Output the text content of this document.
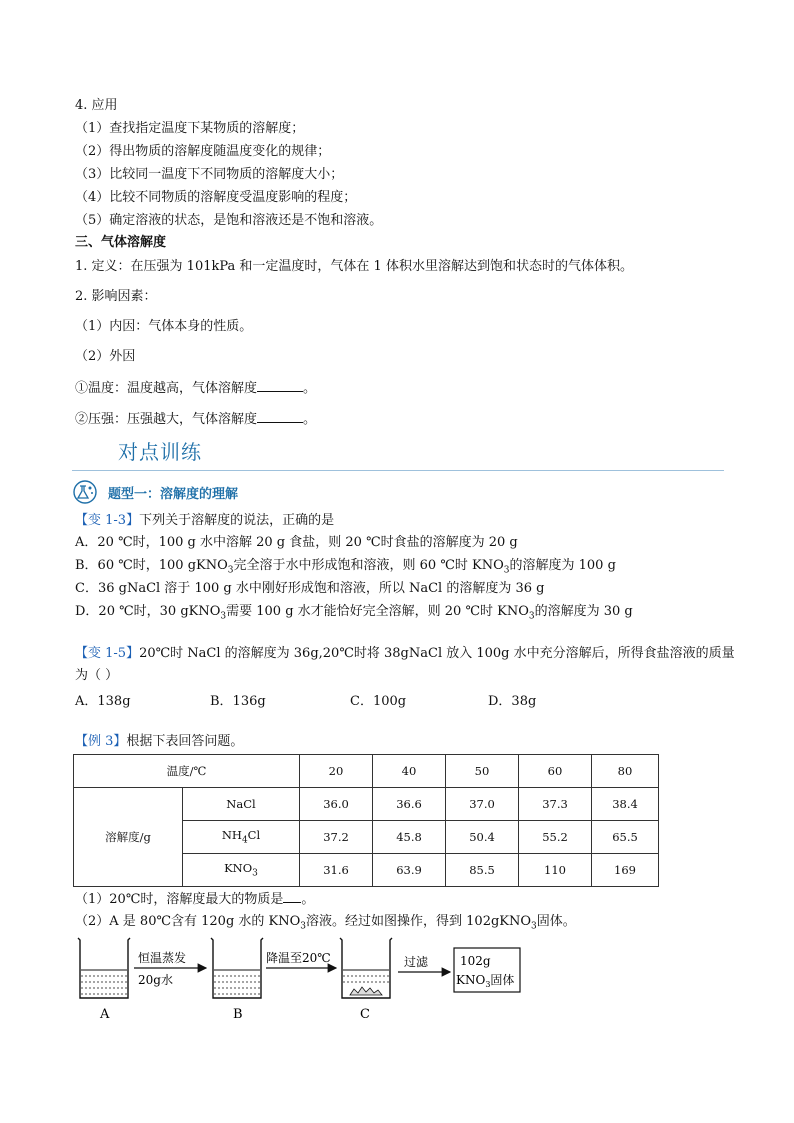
4. 应用
（1）查找指定温度下某物质的溶解度；
（2）得出物质的溶解度随温度变化的规律；
（3）比较同一温度下不同物质的溶解度大小；
（4）比较不同物质的溶解度受温度影响的程度；
（5）确定溶液的状态，是饱和溶液还是不饱和溶液。
三、气体溶解度
1. 定义：在压强为 101kPa 和一定温度时，气体在 1 体积水里溶解达到饱和状态时的气体体积。
2. 影响因素：
（1）内因：气体本身的性质。
（2）外因
①温度：温度越高，气体溶解度	。
②压强：压强越大，气体溶解度	。
对点训练
题型一：溶解度的理解
【变 1-3】下列关于溶解度的说法，正确的是
A．20 ℃时，100 g 水中溶解 20 g 食盐，则 20 ℃时食盐的溶解度为 20 g
B．60 ℃时，100 gKNO$_3$完全溶于水中形成饱和溶液，则 60 ℃时 $KNO_3$的溶解度为 100 g
C．36 gNaCl 溶于 100 g 水中刚好形成饱和溶液，所以 NaCl 的溶解度为 36 g
D．20 ℃时，30 gKNO$_3$需要 100 g 水才能恰好完全溶解，则 20 ℃时 $KNO_3$的溶解度为 30 g
【变 1-5】20℃时 NaCl 的溶解度为 36g,20℃时将 38gNaCl 放入 100g 水中充分溶解后，所得食盐溶液的质量
为（ ）
A．138g	B．136g	C．100g	D．38g
【例 3】根据下表回答问题。
温度/℃		20	40	50	60	80
溶解度/g	NaCl	36.0	36.6	37.0	37.3	38.4
	$NH_4Cl$	37.2	45.8	50.4	55.2	65.5
	$KNO_3$	31.6	63.9	85.5	110	169
（1）20℃时，溶解度最大的物质是 。
（2）A 是 80℃含有 120g 水的 $KNO_3$溶液。经过如图操作，得到 102gKNO$_3$固体。
恒温蒸发
20g水
降温至20℃	过滤	102g
$KNO_3$固体
A	B	C
